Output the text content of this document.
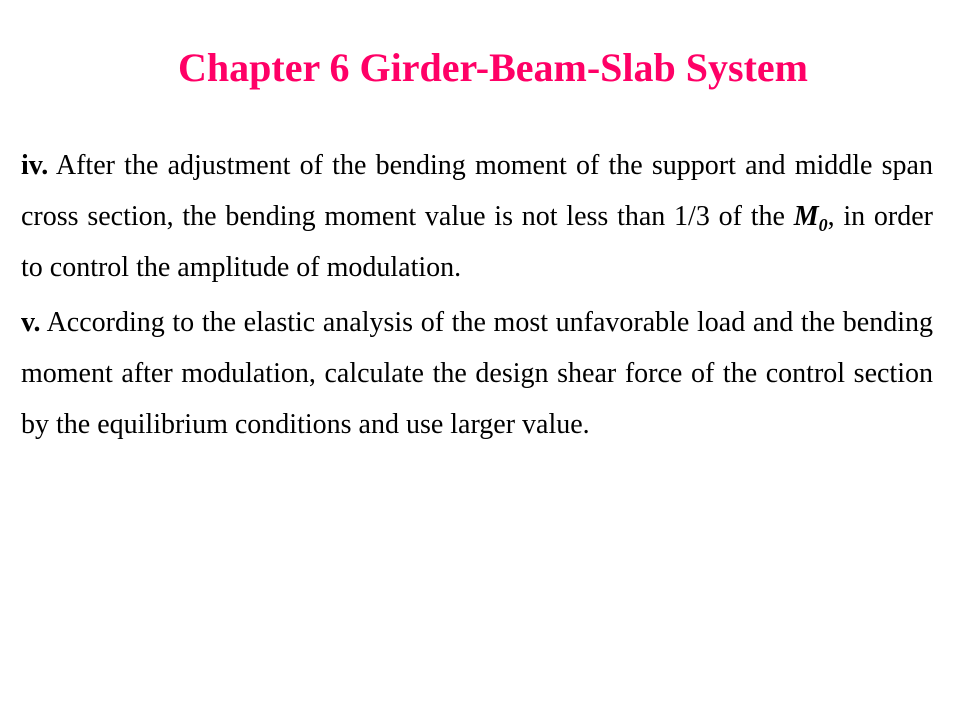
Chapter 6 Girder-Beam-Slab System

iv. After the adjustment of the bending moment of the support and middle span cross section, the bending moment value is not less than 1/3 of the $M_0$, in order to control the amplitude of modulation.

v. According to the elastic analysis of the most unfavorable load and the bending moment after modulation, calculate the design shear force of the control section by the equilibrium conditions and use larger value.
